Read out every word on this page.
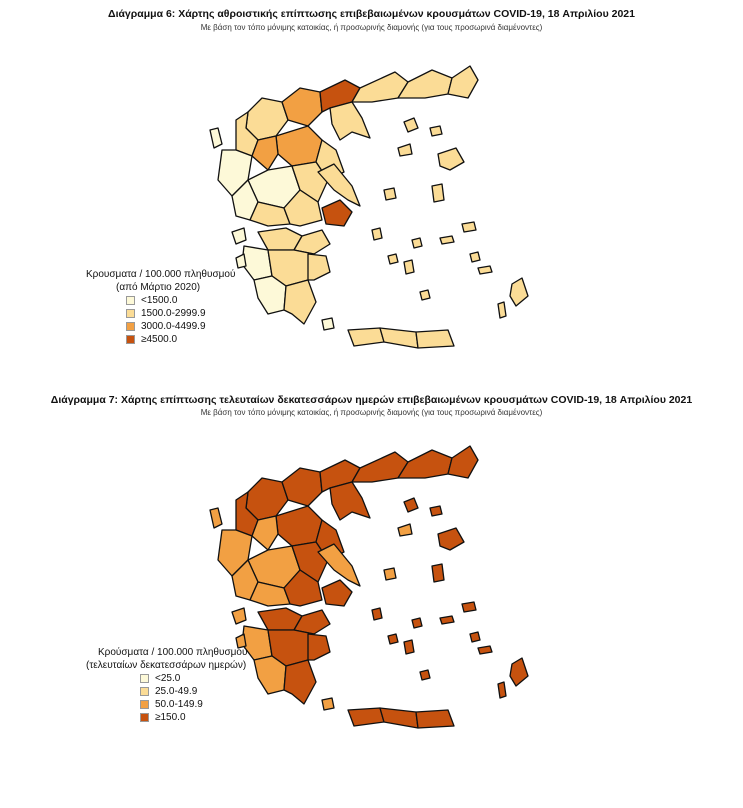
Διάγραμμα 6: Χάρτης αθροιστικής επίπτωσης επιβεβαιωμένων κρουσμάτων COVID-19, 18 Απριλίου 2021
Με βάση τον τόπο μόνιμης κατοικίας, ή προσωρινής διαμονής (για τους προσωρινά διαμένοντες)
Κρουσματα / 100.000 πληθυσμού
(από Μάρτιο 2020)
<1500.0
1500.0-2999.9
3000.0-4499.9
≥4500.0
Διάγραμμα 7: Χάρτης επίπτωσης τελευταίων δεκατεσσάρων ημερών επιβεβαιωμένων κρουσμάτων COVID-19, 18 Απριλίου 2021
Με βάση τον τόπο μόνιμης κατοικίας, ή προσωρινής διαμονής (για τους προσωρινά διαμένοντες)
Κρούσματα / 100.000 πληθυσμού
(τελευταίων δεκατεσσάρων ημερών)
<25.0
25.0-49.9
50.0-149.9
≥150.0
